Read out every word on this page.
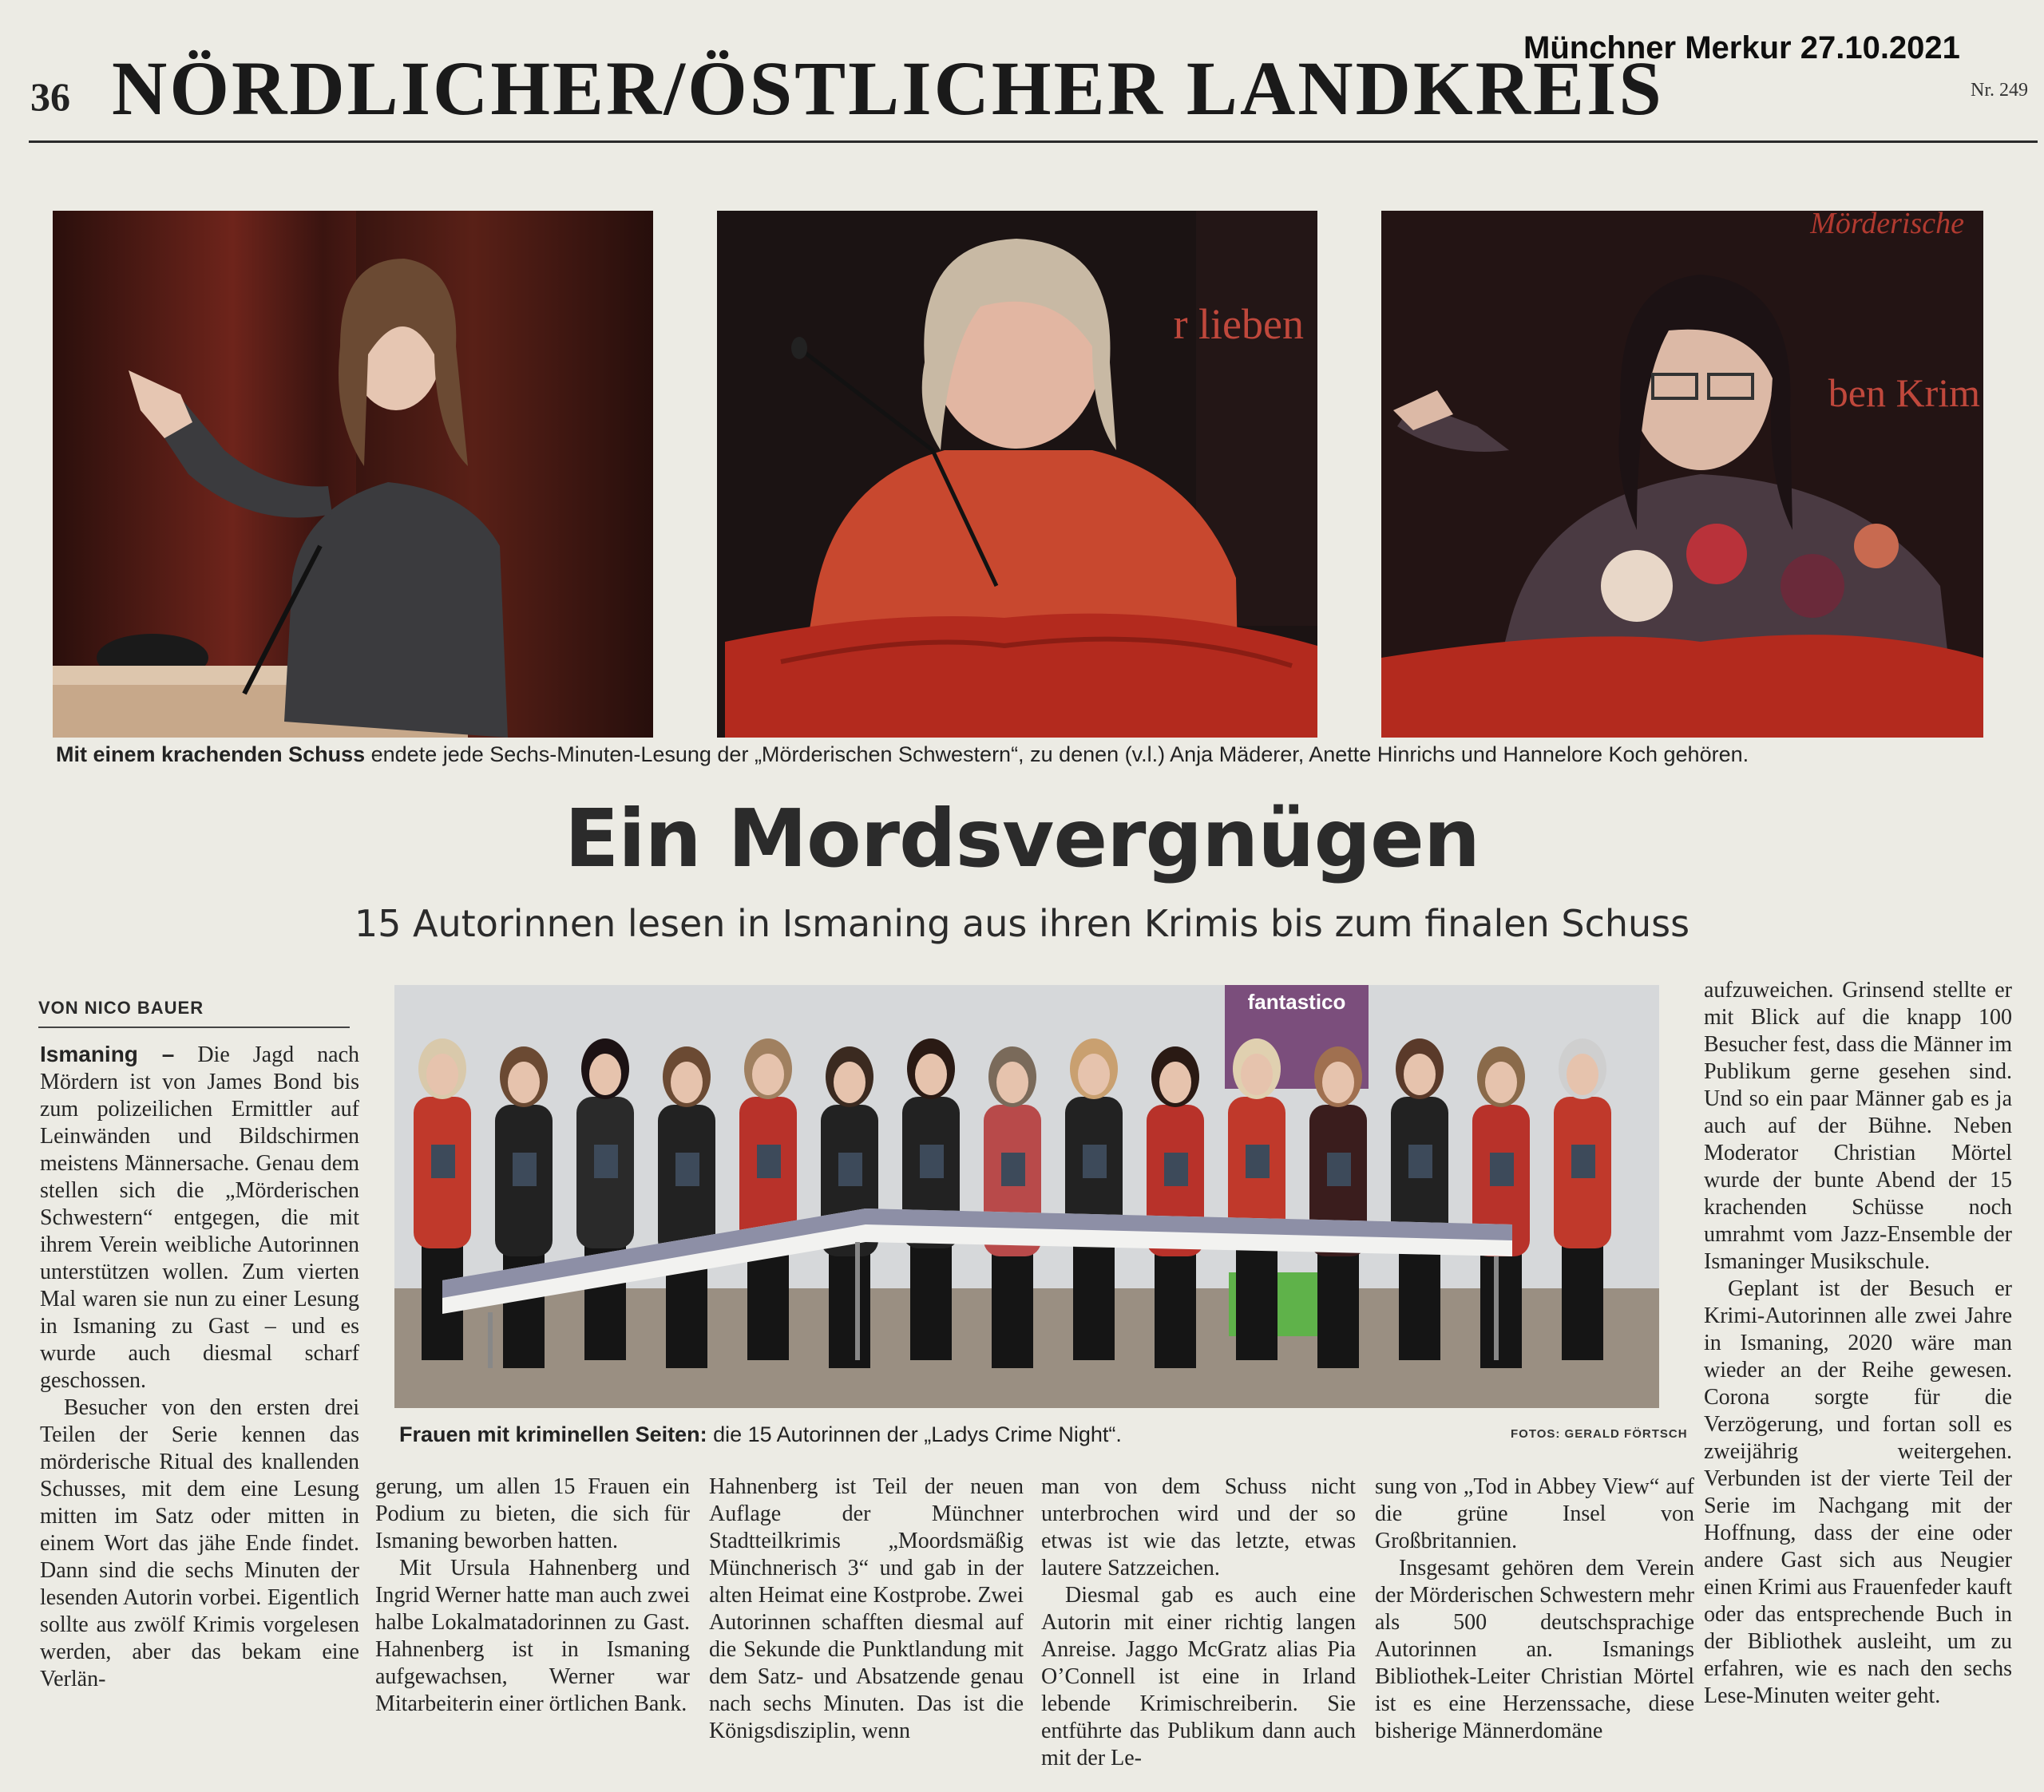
36 NÖRDLICHER/ÖSTLICHER LANDKREIS
Münchner Merkur 27.10.2021
Nr. 249
r lieben
Mörderische
ben Krim
Mit einem krachenden Schuss endete jede Sechs-Minuten-Lesung der „Mörderischen Schwestern“, zu denen (v.l.) Anja Mäderer, Anette Hinrichs und Hannelore Koch gehören.
Ein Mordsvergnügen
15 Autorinnen lesen in Ismaning aus ihren Krimis bis zum finalen Schuss
VON NICO BAUER

Ismaning – Die Jagd nach Mördern ist von James Bond bis zum polizeilichen Ermittler auf Leinwänden und Bildschirmen meistens Männersache. Genau dem stellen sich die „Mörderischen Schwestern“ entgegen, die mit ihrem Verein weibliche Autorinnen unterstützen wollen. Zum vierten Mal waren sie nun zu einer Lesung in Ismaning zu Gast – und es wurde auch diesmal scharf geschossen.

Besucher von den ersten drei Teilen der Serie kennen das mörderische Ritual des knallenden Schusses, mit dem eine Lesung mitten im Satz oder mitten in einem Wort das jähe Ende findet. Dann sind die sechs Minuten der lesenden Autorin vorbei. Eigentlich sollte aus zwölf Krimis vorgelesen werden, aber das bekam eine Verlän-

fantastico
Frauen mit kriminellen Seiten: die 15 Autorinnen der „Ladys Crime Night“.	FOTOS: GERALD FÖRTSCH

gerung, um allen 15 Frauen ein Podium zu bieten, die sich für Ismaning beworben hatten.

Mit Ursula Hahnenberg und Ingrid Werner hatte man auch zwei halbe Lokalmatadorinnen zu Gast. Hahnenberg ist in Ismaning aufgewachsen, Werner war Mitarbeiterin einer örtlichen Bank.

Hahnenberg ist Teil der neuen Auflage der Münchner Stadtteilkrimis „Moordsmäßig Münchnerisch 3“ und gab in der alten Heimat eine Kostprobe. Zwei Autorinnen schafften diesmal auf die Sekunde die Punktlandung mit dem Satz- und Absatzende genau nach sechs Minuten. Das ist die Königsdisziplin, wenn

man von dem Schuss nicht unterbrochen wird und der so etwas ist wie das letzte, etwas lautere Satzzeichen.

Diesmal gab es auch eine Autorin mit einer richtig langen Anreise. Jaggo McGratz alias Pia O’Connell ist eine in Irland lebende Krimischreiberin. Sie entführte das Publikum dann auch mit der Le-

sung von „Tod in Abbey View“ auf die grüne Insel von Großbritannien.

Insgesamt gehören dem Verein der Mörderischen Schwestern mehr als 500 deutschsprachige Autorinnen an. Ismanings Bibliothek-Leiter Christian Mörtel ist es eine Herzenssache, diese bisherige Männerdomäne

aufzuweichen. Grinsend stellte er mit Blick auf die knapp 100 Besucher fest, dass die Männer im Publikum gerne gesehen sind. Und so ein paar Männer gab es ja auch auf der Bühne. Neben Moderator Christian Mörtel wurde der bunte Abend der 15 krachenden Schüsse noch umrahmt vom Jazz-Ensemble der Ismaninger Musikschule.

Geplant ist der Besuch er Krimi-Autorinnen alle zwei Jahre in Ismaning, 2020 wäre man wieder an der Reihe gewesen. Corona sorgte für die Verzögerung, und fortan soll es zweijährig weitergehen. Verbunden ist der vierte Teil der Serie im Nachgang mit der Hoffnung, dass der eine oder andere Gast sich aus Neugier einen Krimi aus Frauenfeder kauft oder das entsprechende Buch in der Bibliothek ausleiht, um zu erfahren, wie es nach den sechs Lese-Minuten weiter geht.
